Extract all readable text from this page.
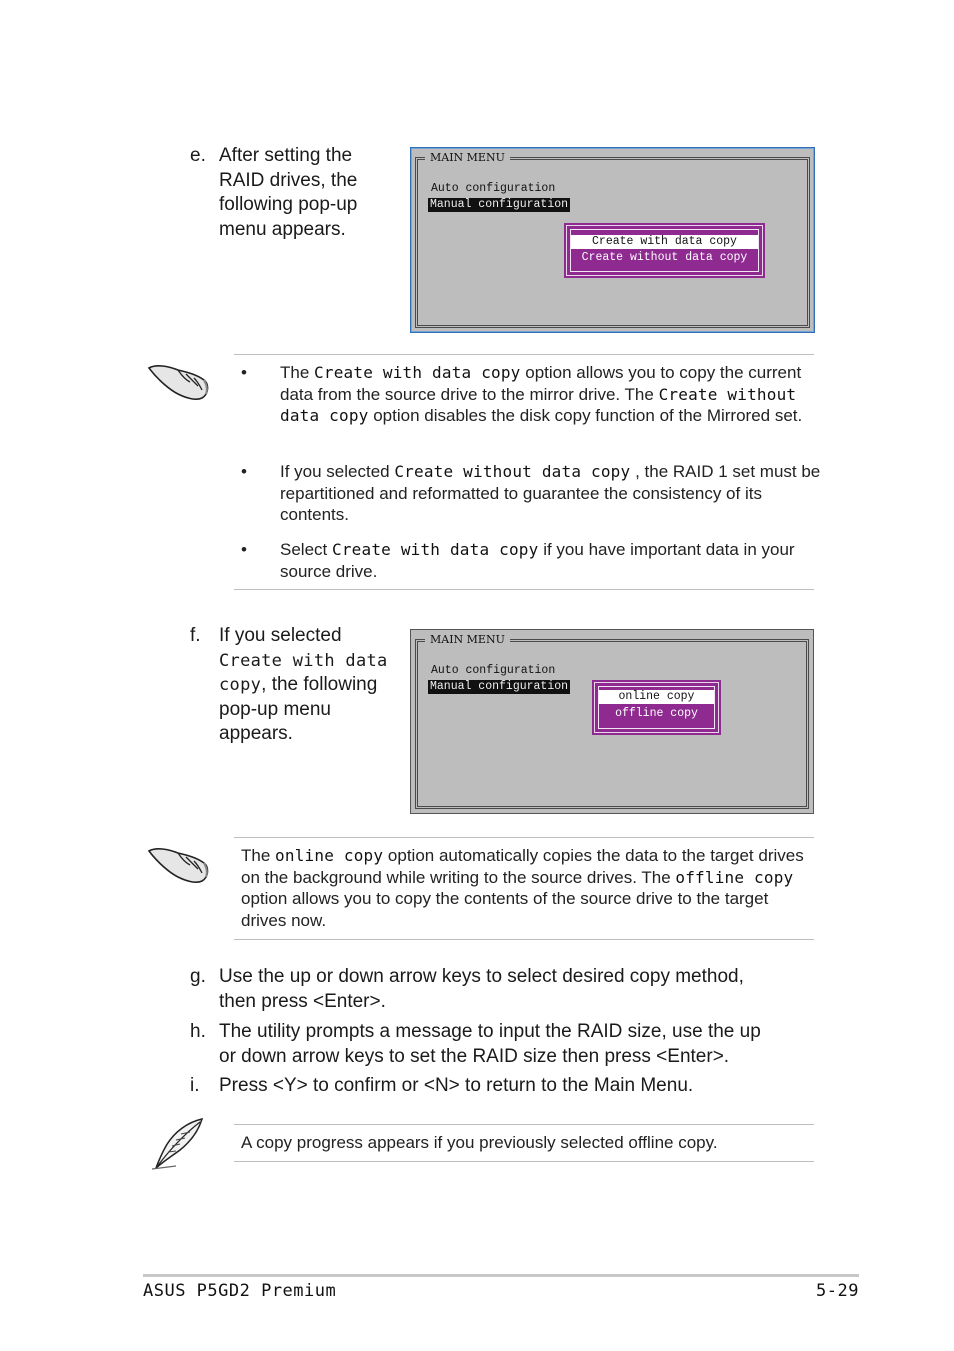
e. After setting the
RAID drives, the
following pop-up
menu appears.
MAIN MENU
Auto configuration
Manual configuration
Create with data copy
Create without data copy
• The Create with data copy option allows you to copy the current data from the source drive to the mirror drive. The Create without data copy option disables the disk copy function of the Mirrored set.
• If you selected Create without data copy , the RAID 1 set must be repartitioned and reformatted to guarantee the consistency of its contents.
• Select Create with data copy if you have important data in your source drive.
f. If you selected
Create with data
copy, the following
pop-up menu
appears.
MAIN MENU
Auto configuration
Manual configuration
online copy
offline copy
The online copy option automatically copies the data to the target drives on the background while writing to the source drives. The offline copy option allows you to copy the contents of the source drive to the target drives now.
g. Use the up or down arrow keys to select desired copy method,
then press <Enter>.
h. The utility prompts a message to input the RAID size, use the up
or down arrow keys to set the RAID size then press <Enter>.
i. Press <Y> to confirm or <N> to return to the Main Menu.
A copy progress appears if you previously selected offline copy.
ASUS P5GD2 Premium	5-29
